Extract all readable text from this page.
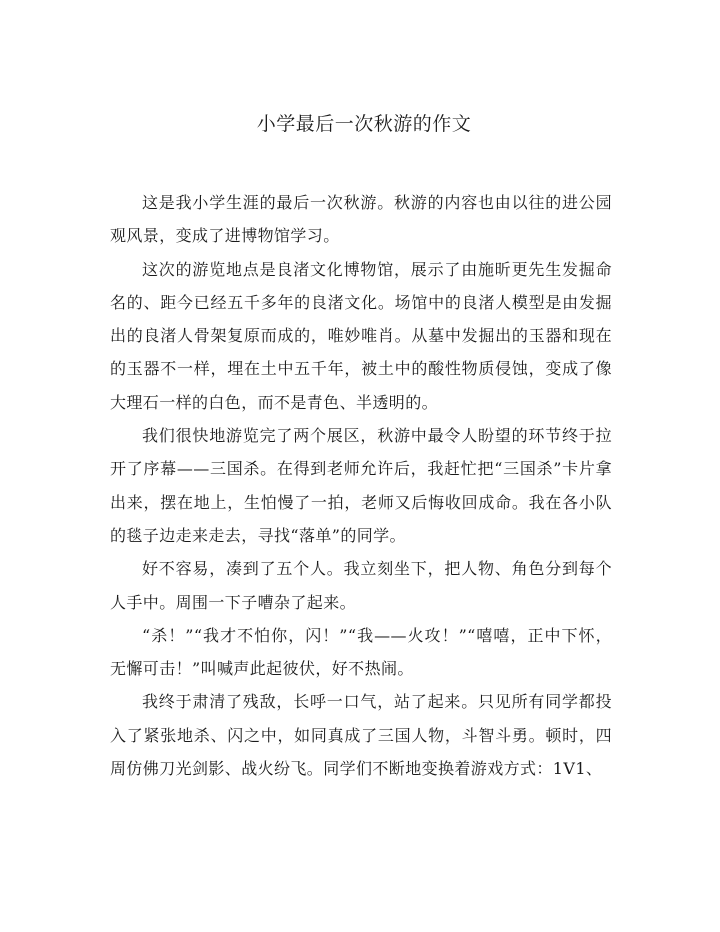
小学最后一次秋游的作文

这是我小学生涯的最后一次秋游。秋游的内容也由以往的进公园观风景，变成了进博物馆学习。

这次的游览地点是良渚文化博物馆，展示了由施昕更先生发掘命名的、距今已经五千多年的良渚文化。场馆中的良渚人模型是由发掘出的良渚人骨架复原而成的，唯妙唯肖。从墓中发掘出的玉器和现在的玉器不一样，埋在土中五千年，被土中的酸性物质侵蚀，变成了像大理石一样的白色，而不是青色、半透明的。

我们很快地游览完了两个展区，秋游中最令人盼望的环节终于拉开了序幕——三国杀。在得到老师允许后，我赶忙把“三国杀”卡片拿出来，摆在地上，生怕慢了一拍，老师又后悔收回成命。我在各小队的毯子边走来走去，寻找“落单”的同学。

好不容易，凑到了五个人。我立刻坐下，把人物、角色分到每个人手中。周围一下子嘈杂了起来。

“杀！”“我才不怕你，闪！”“我——火攻！”“嘻嘻，正中下怀，无懈可击！”叫喊声此起彼伏，好不热闹。

我终于肃清了残敌，长呼一口气，站了起来。只见所有同学都投入了紧张地杀、闪之中，如同真成了三国人物，斗智斗勇。顿时，四周仿佛刀光剑影、战火纷飞。同学们不断地变换着游戏方式：1V1、
